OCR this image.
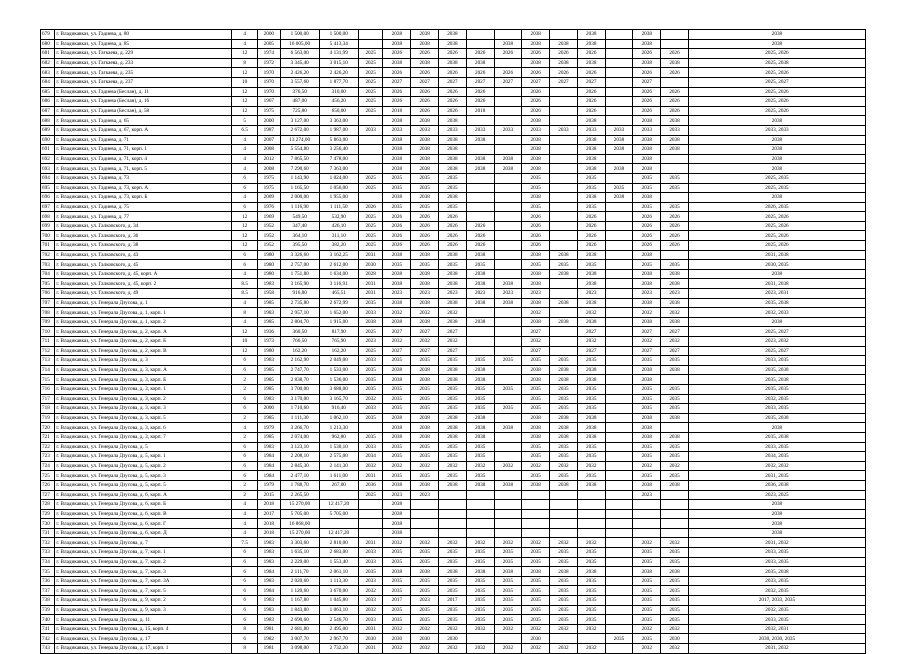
679	г. Владикавказ, ул. Гадиева, д. 80	4	2000	1 500,00	1 500,00		2038	2038	2038			2038		2038		2038		2038
680	г. Владикавказ, ул. Гадиева, д. 85	4	2005	16 005,00	5 413,34		2038	2038	2038		2038	2038	2038	2038		2038		2038
681	г. Владикавказ, ул. Гагкаева, д. 229	12	1974	6 563,00	4 131,99	2025	2026	2026	2026	2026	2026	2026	2026	2026		2026	2026	2025, 2026
682	г. Владикавказ, ул. Гагкаева, д. 233	8	1972	3 345,40	3 015,10	2025	2038	2038	2038	2038		2038	2038	2038		2038	2038	2025, 2038
683	г. Владикавказ, ул. Гагкаева, д. 235	12	1970	2 426,20	2 426,20	2025	2026	2026	2026	2026	2026	2026	2026	2026		2026	2026	2025, 2026
684	г. Владикавказ, ул. Гагкаева, д. 237	10	1970	3 557,60	1 877,70	2025	2027	2027	2027	2027	2027	2027	2027	2027		2027		2025, 2027
685	г. Владикавказ, ул. Гадиева (Беслан), д. 11	12	1970	376,50	310,00	2025	2026	2026	2026	2026		2026		2026		2026	2026	2025, 2026
686	г. Владикавказ, ул. Гадиева (Беслан), д. 16	12	1967	487,00	456,20	2025	2026	2026	2026	2026		2026		2026		2026	2026	2025, 2026
687	г. Владикавказ, ул. Гадиева (Беслан), д. 58	12	1975	725,80	650,00	2025	2018	2026	2026	2018		2026		2026		2026	2026	2025, 2026
688	г. Владикавказ, ул. Гадиева, д. 65	5	2000	3 127,00	3 363,00		2038	2038	2038			2038		2038		2038	2038	2038
689	г. Владикавказ, ул. Гадиева, д. 67, корп. А	6.5	1987	2 672,00	1 987,00	2033	2033	2033	2033	2033	2033	2033	2033	2033	2033	2033	2033	2033, 2033
690	г. Владикавказ, ул. Гадиева, д. 71	4	2007	13 274,00	5 863,00		2038	2038	2038	2038		2038		2038	2038	2038	2038	2038
691	г. Владикавказ, ул. Гадиева, д. 71, корп. 1	4	2008	5 554,80	3 256,40		2038	2038	2038			2038		2038	2038	2038	2038	2038
692	г. Владикавказ, ул. Гадиева, д. 71, корп. 4	4	2012	7 865,50	7 478,00		2038	2038	2038	2038	2038	2038		2038		2038		2038
693	г. Владикавказ, ул. Гадиева, д. 71, корп. 5	4	2008	7 290,60	7 363,00		2038	2038	2038	2038	2038	2038		2038	2038	2038		2038
694	г. Владикавказ, ул. Гадиева, д. 73	6	1975	1 143,90	1 024,00	2025	2035	2035	2035			2035		2035		2035	2035	2025, 2035
695	г. Владикавказ, ул. Гадиева, д. 73, корп. А	6	1975	1 165,50	1 056,00	2025	2035	2035	2035			2035		2035	2035	2035	2035	2025, 2035
696	г. Владикавказ, ул. Гадиева, д. 73, корп. Б	4	2009	2 000,00	1 955,00		2038	2038	2038			2038		2038	2038	2038		2038
697	г. Владикавказ, ул. Гадиева, д. 75	6	1976	1 116,90	1 111,50	2026	2035	2035	2035			2035		2035		2035	2035	2026, 2035
698	г. Владикавказ, ул. Гадиева, д. 77	12	1969	549,50	532,90	2025	2026	2026	2026			2026		2026		2026	2026	2025, 2026
699	г. Владикавказ, ул. Галковского, д. 34	12	1952	347,40	426,10	2025	2026	2026	2026	2026		2026		2026		2026	2026	2025, 2026
700	г. Владикавказ, ул. Галковского, д. 36	12	1952	364,10	311,10	2025	2026	2026	2026	2026		2026		2026		2026	2026	2025, 2026
701	г. Владикавказ, ул. Галковского, д. 38	12	1952	395,50	382,20	2025	2026	2026	2026	2026		2026		2026		2026	2026	2025, 2026
702	г. Владикавказ, ул. Галковского, д. 43	6	1980	3 326,60	3 162,25	2031	2038	2038	2038	2038		2038	2038	2038		2038		2031, 2038
703	г. Владикавказ, ул. Галковского, д. 45	6	1980	2 757,00	2 612,00	2030	2035	2035	2035	2035		2035	2035	2035		2035	2035	2030, 2035
704	г. Владикавказ, ул. Галковского, д. 45, корп. А	4	1980	1 751,80	1 634,00	2028	2038	2038	2038	2038		2038	2038	2038		2038	2038	2038
705	г. Владикавказ, ул. Галковского, д. 45, корп. 2	8.5	1983	3 165,90	3 116,91	2031	2038	2038	2038	2038	2038	2038		2038		2038	2038	2031, 2038
706	г. Владикавказ, ул. Галковского, д. 49	8.5	1958	916,80	465,51	2031	2023	2023	2023	2023	2023	2023		2023		2023	2023	2023, 2031
707	г. Владикавказ, ул. Генерала Дзусова, д. 1	4	1985	2 735,80	2 672,99	2035	2038	2038	2038	2038	2038	2038	2038	2038		2038	2038	2035, 2038
708	г. Владикавказ, ул. Генерала Дзусова, д. 1, корп. 1	8	1983	2 957,10	1 652,00	2033	2032	2032	2032			2032		2032		2032	2032	2032, 2033
709	г. Владикавказ, ул. Генерала Дзусова, д. 1, корп. 2	4	1985	2 804,70	1 915,00	2038	2038	2038	2038	2038		2038	2038	2038		2038	2038	2038
710	г. Владикавказ, ул. Генерала Дзусова, д. 2, корп. А	12	1936	360,50	817,90	2025	2027	2027	2027			2027		2027		2027	2027	2025, 2027
711	г. Владикавказ, ул. Генерала Дзусова, д. 2, корп. Б	10	1973	766,50	765,90	2023	2032	2032	2032			2032		2032		2032	2032	2023, 2032
712	г. Владикавказ, ул. Генерала Дзусова, д. 2, корп. В	12	1980	162,20	162,20	2025	2027	2027	2027			2027		2027		2027	2027	2025, 2027
713	г. Владикавказ, ул. Генерала Дзусова, д. 3	6	1983	2 162,90	2 049,00	2033	2035	2035	2035	2035	2035	2035	2035	2035		2035	2035	2033, 2035
714	г. Владикавказ, ул. Генерала Дзусова, д. 3, корп. А	6	1985	2 747,70	1 533,00	2035	2038	2038	2038	2038		2038	2038	2038		2038	2038	2035, 2038
715	г. Владикавказ, ул. Генерала Дзусова, д. 3, корп. Б	2	1985	2 838,70	1 536,00	2035	2038	2038	2038	2038		2038	2038	2038		2038		2035, 2038
716	г. Владикавказ, ул. Генерала Дзусова, д. 3, корп. 1	2	1985	3 700,00	3 688,00	2035	2035	2035	2035	2035	2035	2035	2035	2035		2035	2035	2035, 2035
717	г. Владикавказ, ул. Генерала Дзусова, д. 3, корп. 2	6	1983	3 170,00	3 165,70	2032	2035	2035	2035	2035		2035	2035	2035		2035	2035	2032, 2035
718	г. Владикавказ, ул. Генерала Дзусова, д. 3, корп. 3	6	2000	1 710,60	916,40	2033	2035	2035	2035	2035	2035	2035	2035	2035		2035	2035	2033, 2035
719	г. Владикавказ, ул. Генерала Дзусова, д. 3, корп. 5	2	1985	1 111,30	1 062,10	2035	2038	2038	2038	2038		2038	2038	2038		2038	2038	2035, 2038
720	г. Владикавказ, ул. Генерала Дзусова, д. 3, корп. 6	4	1979	3 266,70	1 213,30		2038	2038	2038	2038	2038	2038	2038	2038		2038		2038
721	г. Владикавказ, ул. Генерала Дзусова, д. 3, корп. 7	2	1985	2 074,00	962,80	2035	2038	2038	2038	2038		2038	2038	2038		2038	2038	2035, 2038
722	г. Владикавказ, ул. Генерала Дзусова, д. 5	6	1983	3 123,10	1 530,10	2033	2035	2035	2035	2035		2035	2035	2035		2035	2035	2033, 2035
723	г. Владикавказ, ул. Генерала Дзусова, д. 5, корп. 1	6	1984	2 208,10	2 575,00	2034	2035	2035	2035	2035		2035	2035	2035		2035	2035	2034, 2035
724	г. Владикавказ, ул. Генерала Дзусова, д. 5, корп. 2	6	1984	2 845,30	2 141,30	2032	2032	2032	2032	2032	2032	2032	2032	2032		2032	2032	2032, 2032
725	г. Владикавказ, ул. Генерала Дзусова, д. 5, корп. 3	6	1984	2 477,10	1 611,00	2031	2035	2035	2035	2035		2035	2035	2035		2035	2035	2031, 2035
726	г. Владикавказ, ул. Генерала Дзусова, д. 5, корп. 5	2	1979	1 788,70	267,00	2036	2038	2038	2038	2038	2038	2038	2038	2038		2038	2038	2036, 2038
727	г. Владикавказ, ул. Генерала Дзусова, д. 6, корп. А	2	2015	2 265,50		2025	2023	2023								2023		2023, 2025
728	г. Владикавказ, ул. Генерала Дзусова, д. 6, корп. Б	4	2018	15 270,00	12 417,20		2038											2038
729	г. Владикавказ, ул. Генерала Дзусова, д. 6, корп. В	4	2017	5 705,00	5 705,00		2038											2038
730	г. Владикавказ, ул. Генерала Дзусова, д. 6, корп. Г	4	2018	16 868,00			2038											2038
731	г. Владикавказ, ул. Генерала Дзусова, д. 6, корп. Д	4	2018	15 270,00	12 417,20		2038											2038
732	г. Владикавказ, ул. Генерала Дзусова, д. 7	7.5	1983	3 303,60	2 810,00	2031	2032	2032	2032	2032	2032	2032	2032	2032		2032	2032	2031, 2032
733	г. Владикавказ, ул. Генерала Дзусова, д. 7, корп. 1	6	1983	1 635,10	2 683,00	2033	2035	2035	2035	2035	2035	2035	2035	2035		2035	2035	2033, 2035
734	г. Владикавказ, ул. Генерала Дзусова, д. 7, корп. 2	6	1983	2 229,00	1 553,40	2033	2035	2035	2035	2035	2035	2035	2035	2035		2035	2035	2033, 2035
735	г. Владикавказ, ул. Генерала Дзусова, д. 7, корп. 3	6	1984	2 111,70	2 061,10	2035	2038	2038	2038	2038	2038	2038	2038	2038		2038	2038	2035, 2038
736	г. Владикавказ, ул. Генерала Дзусова, д. 7, корп. 3А	6	1983	2 020,60	1 113,30	2033	2035	2035	2035	2035	2035	2035	2035	2035		2035	2035	2033, 2035
737	г. Владикавказ, ул. Генерала Дзусова, д. 7, корп. 5	6	1984	1 120,60	3 670,00	2032	2035	2035	2035	2035	2035	2035	2035	2035		2035	2035	2032, 2035
738	г. Владикавказ, ул. Генерала Дзусова, д. 9, корп. 2	6	1983	1 167,80	1 045,80	2033	2017	2023	2017	2035	2035	2035	2035	2035		2035	2035	2017, 2033, 2035
739	г. Владикавказ, ул. Генерала Дзусова, д. 9, корп. 3	6	1983	1 843,80	1 063,10	2032	2035	2035	2035	2035	2035	2035	2035	2035		2035	2035	2032, 2035
740	г. Владикавказ, ул. Генерала Дзусова, д. 11	6	1983	2 690,60	2 546,70	2033	2035	2035	2035	2035	2035	2035	2035	2035		2035	2035	2033, 2035
741	г. Владикавказ, ул. Генерала Дзусова, д. 15, корп. 4	8	1981	2 681,80	2 495,00	2031	2032	2032	2032	2032	2032	2032	2032	2032		2032	2032	2032, 2031
742	г. Владикавказ, ул. Генерала Дзусова, д. 17	6	1982	3 007,70	2 967,70	2030	2030	2030	2030			2030			2035	2035	2030	2030, 2030, 2035
743	г. Владикавказ, ул. Генерала Дзусова, д. 17, корп. 1	8	1981	3 098,00	2 732,20	2031	2032	2032	2032	2032	2032	2032	2032	2032		2032	2032	2031, 2032
